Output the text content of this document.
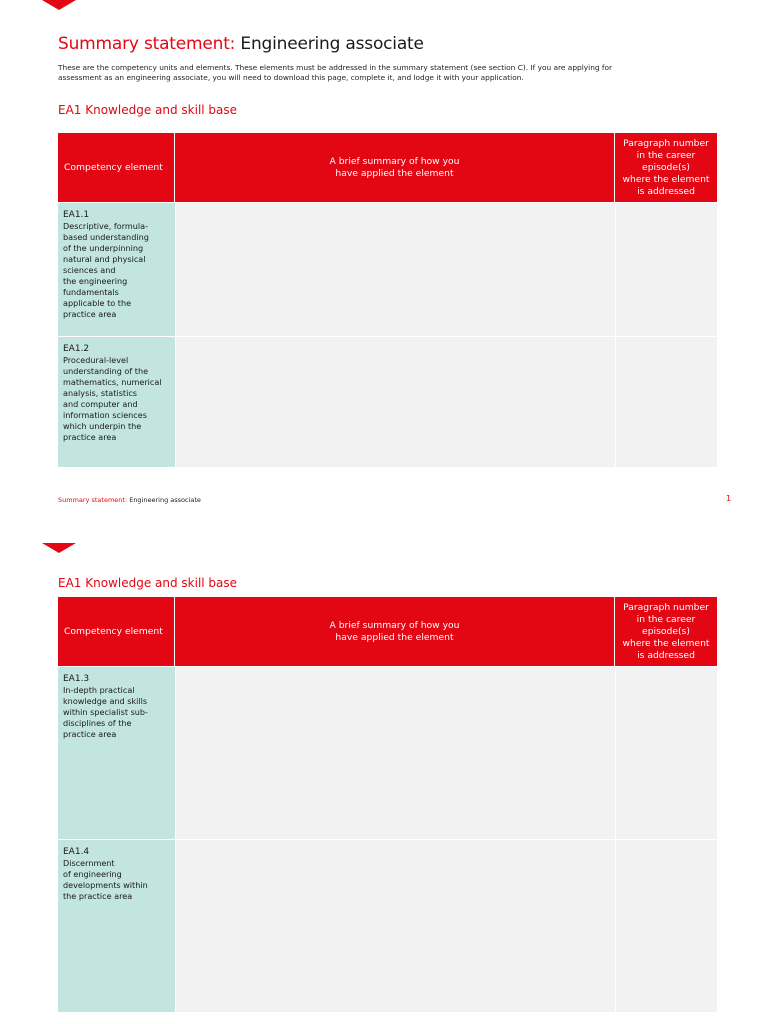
Summary statement: Engineering associate

These are the competency units and elements. These elements must be addressed in the summary statement (see section C). If you are applying for assessment as an engineering associate, you will need to download this page, complete it, and lodge it with your application.

EA1 Knowledge and skill base
Competency element
A brief summary of how you
have applied the element
Paragraph number
in the career
episode(s)
where the element
is addressed
EA1.1
Descriptive, formula-
based understanding
of the underpinning
natural and physical
sciences and
the engineering
fundamentals
applicable to the
practice area
EA1.2
Procedural-level
understanding of the
mathematics, numerical
analysis, statistics
and computer and
information sciences
which underpin the
practice area
Summary statement: Engineering associate	1
EA1 Knowledge and skill base
Competency element
A brief summary of how you
have applied the element
Paragraph number
in the career
episode(s)
where the element
is addressed
EA1.3
In-depth practical
knowledge and skills
within specialist sub-
disciplines of the
practice area
EA1.4
Discernment
of engineering
developments within
the practice area
